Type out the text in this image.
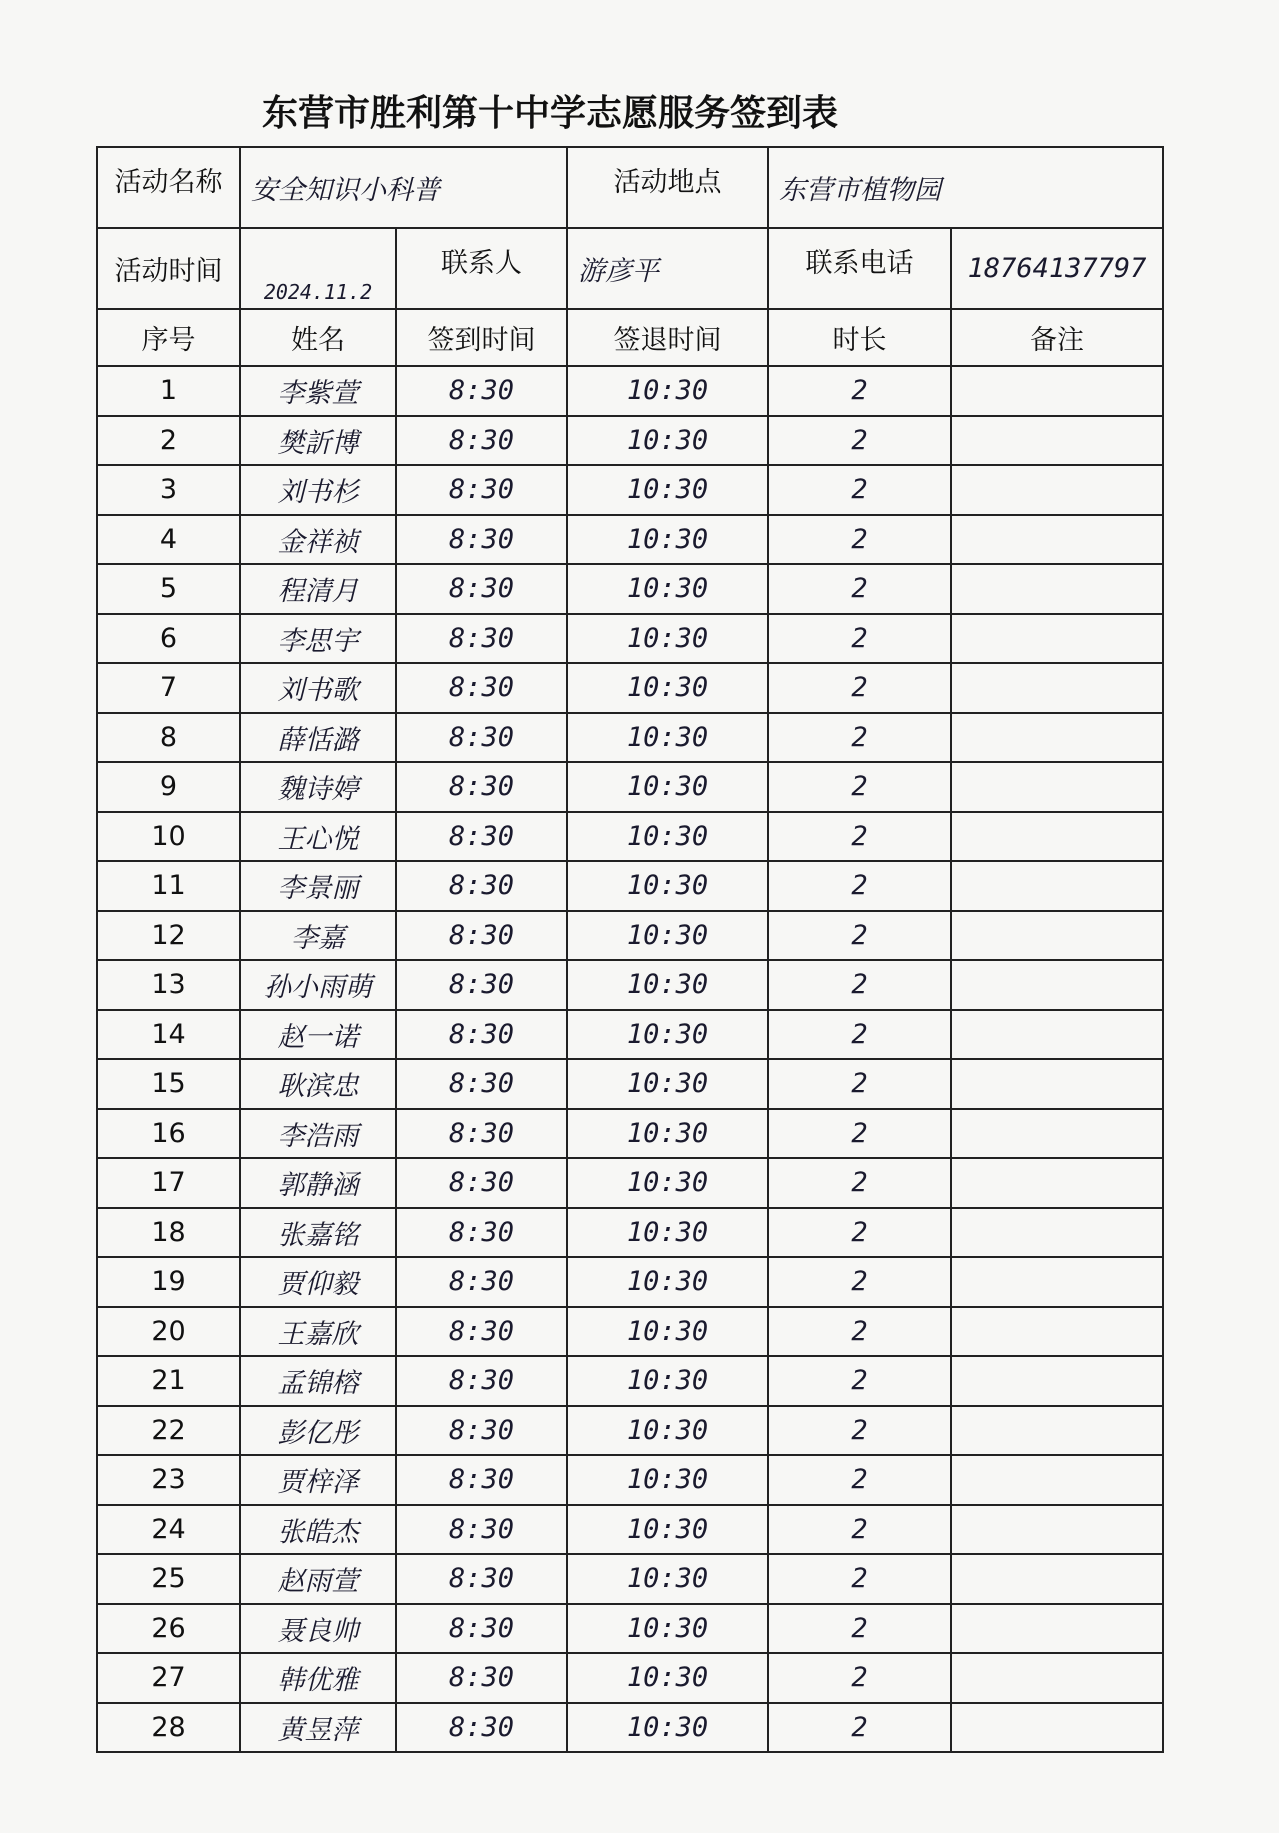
东营市胜利第十中学志愿服务签到表
活动名称	安全知识小科普		活动地点	东营市植物园	
活动时间	2024.11.2	联系人	游彦平	联系电话	18764137797
序号	姓名	签到时间	签退时间	时长	备注
1	李紫萱	8:30	10:30	2	
2	樊訢博	8:30	10:30	2	
3	刘书杉	8:30	10:30	2	
4	金祥祯	8:30	10:30	2	
5	程清月	8:30	10:30	2	
6	李思宇	8:30	10:30	2	
7	刘书歌	8:30	10:30	2	
8	薛恬潞	8:30	10:30	2	
9	魏诗婷	8:30	10:30	2	
10	王心悦	8:30	10:30	2	
11	李景丽	8:30	10:30	2	
12	李嘉	8:30	10:30	2	
13	孙小雨萌	8:30	10:30	2	
14	赵一诺	8:30	10:30	2	
15	耿滨忠	8:30	10:30	2	
16	李浩雨	8:30	10:30	2	
17	郭静涵	8:30	10:30	2	
18	张嘉铭	8:30	10:30	2	
19	贾仰毅	8:30	10:30	2	
20	王嘉欣	8:30	10:30	2	
21	孟锦榕	8:30	10:30	2	
22	彭亿彤	8:30	10:30	2	
23	贾梓泽	8:30	10:30	2	
24	张皓杰	8:30	10:30	2	
25	赵雨萱	8:30	10:30	2	
26	聂良帅	8:30	10:30	2	
27	韩优雅	8:30	10:30	2	
28	黄昱萍	8:30	10:30	2	
